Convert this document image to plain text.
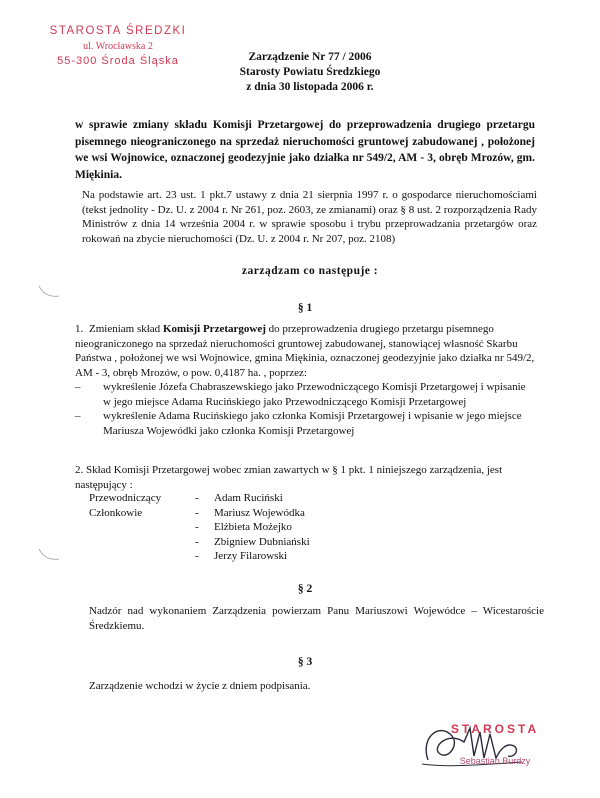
STAROSTA ŚREDZKI
ul. Wrocławska 2
55-300 Środa Śląska	Zarządzenie Nr 77 / 2006
Starosty Powiatu Średzkiego
z dnia 30 listopada 2006 r.
w sprawie zmiany składu Komisji Przetargowej do przeprowadzenia drugiego przetargu pisemnego nieograniczonego na sprzedaż nieruchomości gruntowej zabudowanej , położonej we wsi Wojnowice, oznaczonej geodezyjnie jako działka nr 549/2, AM - 3, obręb Mrozów, gm. Miękinia.
Na podstawie art. 23 ust. 1 pkt.7 ustawy z dnia 21 sierpnia 1997 r. o gospodarce nieruchomościami (tekst jednolity - Dz. U. z 2004 r. Nr 261, poz. 2603, ze zmianami) oraz § 8 ust. 2 rozporządzenia Rady Ministrów z dnia 14 września 2004 r. w sprawie sposobu i trybu przeprowadzania przetargów oraz rokowań na zbycie nieruchomości (Dz. U. z 2004 r. Nr 207, poz. 2108)
zarządzam co następuje :
§ 1
1. Zmieniam skład Komisji Przetargowej do przeprowadzenia drugiego przetargu pisemnego nieograniczonego na sprzedaż nieruchomości gruntowej zabudowanej, stanowiącej własność Skarbu Państwa , położonej we wsi Wojnowice, gmina Miękinia, oznaczonej geodezyjnie jako działka nr 549/2, AM - 3, obręb Mrozów, o pow. 0,4187 ha. , poprzez:
– wykreślenie Józefa Chabraszewskiego jako Przewodniczącego Komisji Przetargowej i wpisanie w jego miejsce Adama Rucińskiego jako Przewodniczącego Komisji Przetargowej
– wykreślenie Adama Rucińskiego jako członka Komisji Przetargowej i wpisanie w jego miejsce Mariusza Wojewódki jako członka Komisji Przetargowej
2. Skład Komisji Przetargowej wobec zmian zawartych w § 1 pkt. 1 niniejszego zarządzenia, jest następujący :
Przewodniczący	-	Adam Ruciński
Członkowie	-	Mariusz Wojewódka
-	Elżbieta Możejko
-	Zbigniew Dubniański
-	Jerzy Filarowski
§ 2
Nadzór nad wykonaniem Zarządzenia powierzam Panu Mariuszowi Wojewódce – Wicestaroście Średzkiemu.
§ 3
Zarządzenie wchodzi w życie z dniem podpisania.
STAROSTA
Sebastian Burdzy
